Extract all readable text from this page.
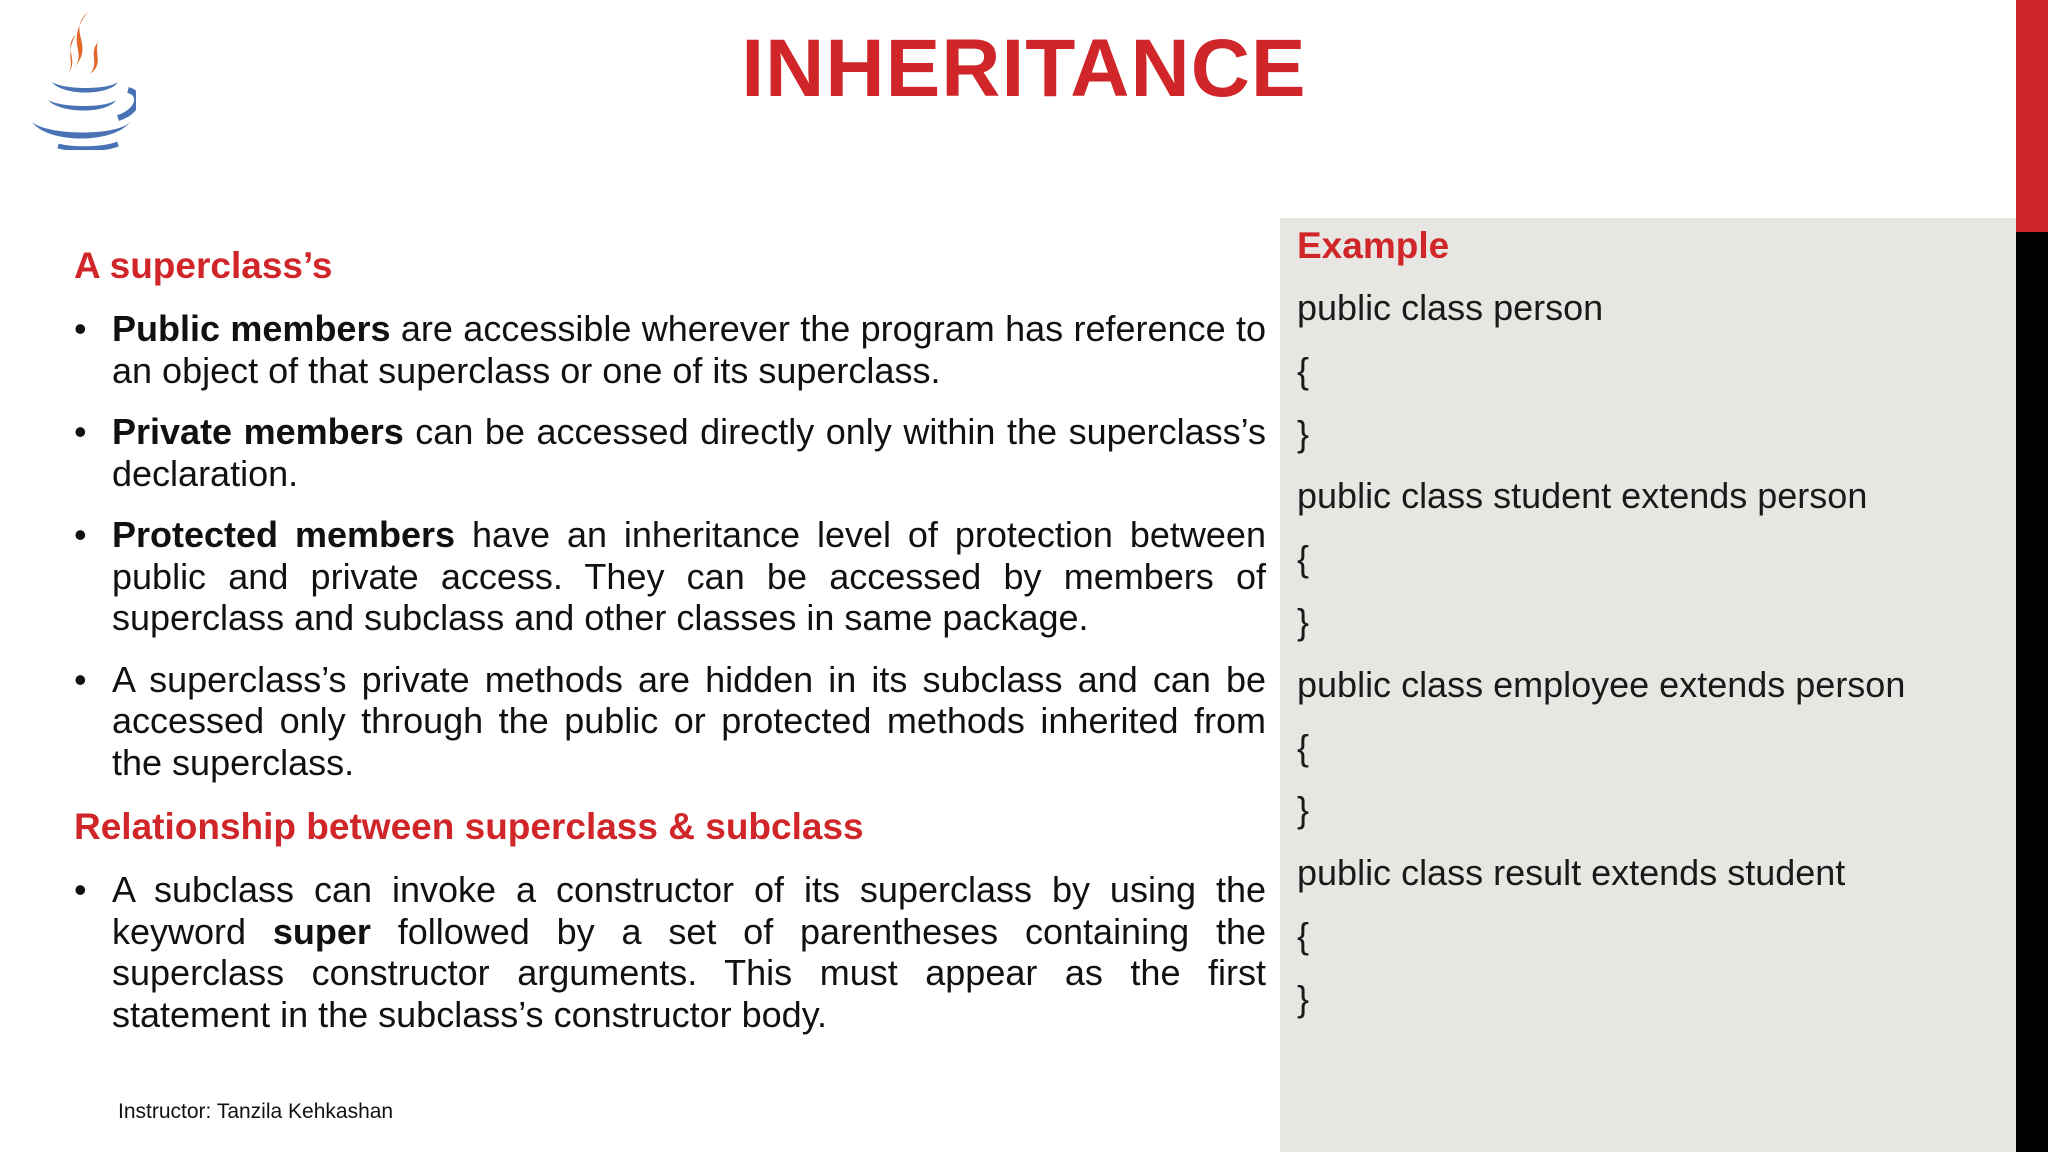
INHERITANCE
Example
public class person
{
}
public class student extends person
{
}
public class employee extends person
{
}
public class result extends student
{
}
A superclass’s
• Public members are accessible wherever the program has reference to an object of that superclass or one of its superclass.
• Private members can be accessed directly only within the superclass’s declaration.
• Protected members have an inheritance level of protection between public and private access. They can be accessed by members of superclass and subclass and other classes in same package.
• A superclass’s private methods are hidden in its subclass and can be accessed only through the public or protected methods inherited from the superclass.
Relationship between superclass & subclass
• A subclass can invoke a constructor of its superclass by using the keyword super followed by a set of parentheses containing the superclass constructor arguments. This must appear as the first statement in the subclass’s constructor body.
Instructor: Tanzila Kehkashan
